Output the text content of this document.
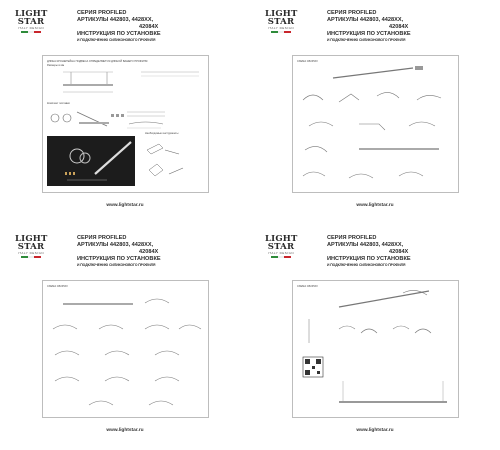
LIGHT
STAR
ITALY DESIGN
СЕРИЯ PROFILED
АРТИКУЛЫ 442803, 4428XX,
42084X
ИНСТРУКЦИЯ ПО УСТАНОВКЕ
И ПОДКЛЮЧЕНИЮ СИЛИКОНОВОГО ПРОФИЛЯ
ДЛИНА КРОНШТЕЙНА ПОДВЕСА ОПРЕДЕЛЯЕТСЯ ДЛИНОЙ ВАШЕГО ПРОФИЛЯ
Размеры в мм
Комплект поставки
Необходимые инструменты
www.lightstar.ru
LIGHT
STAR
ITALY DESIGN
СЕРИЯ PROFILED
АРТИКУЛЫ 442803, 4428XX,
42084X
ИНСТРУКЦИЯ ПО УСТАНОВКЕ
И ПОДКЛЮЧЕНИЮ СИЛИКОНОВОГО ПРОФИЛЯ
СХЕМА СБОРКИ
www.lightstar.ru
LIGHT
STAR
ITALY DESIGN
СЕРИЯ PROFILED
АРТИКУЛЫ 442803, 4428XX,
42084X
ИНСТРУКЦИЯ ПО УСТАНОВКЕ
И ПОДКЛЮЧЕНИЮ СИЛИКОНОВОГО ПРОФИЛЯ
СХЕМА СБОРКИ
www.lightstar.ru
LIGHT
STAR
ITALY DESIGN
СЕРИЯ PROFILED
АРТИКУЛЫ 442803, 4428XX,
42084X
ИНСТРУКЦИЯ ПО УСТАНОВКЕ
И ПОДКЛЮЧЕНИЮ СИЛИКОНОВОГО ПРОФИЛЯ
СХЕМА СБОРКИ
www.lightstar.ru
